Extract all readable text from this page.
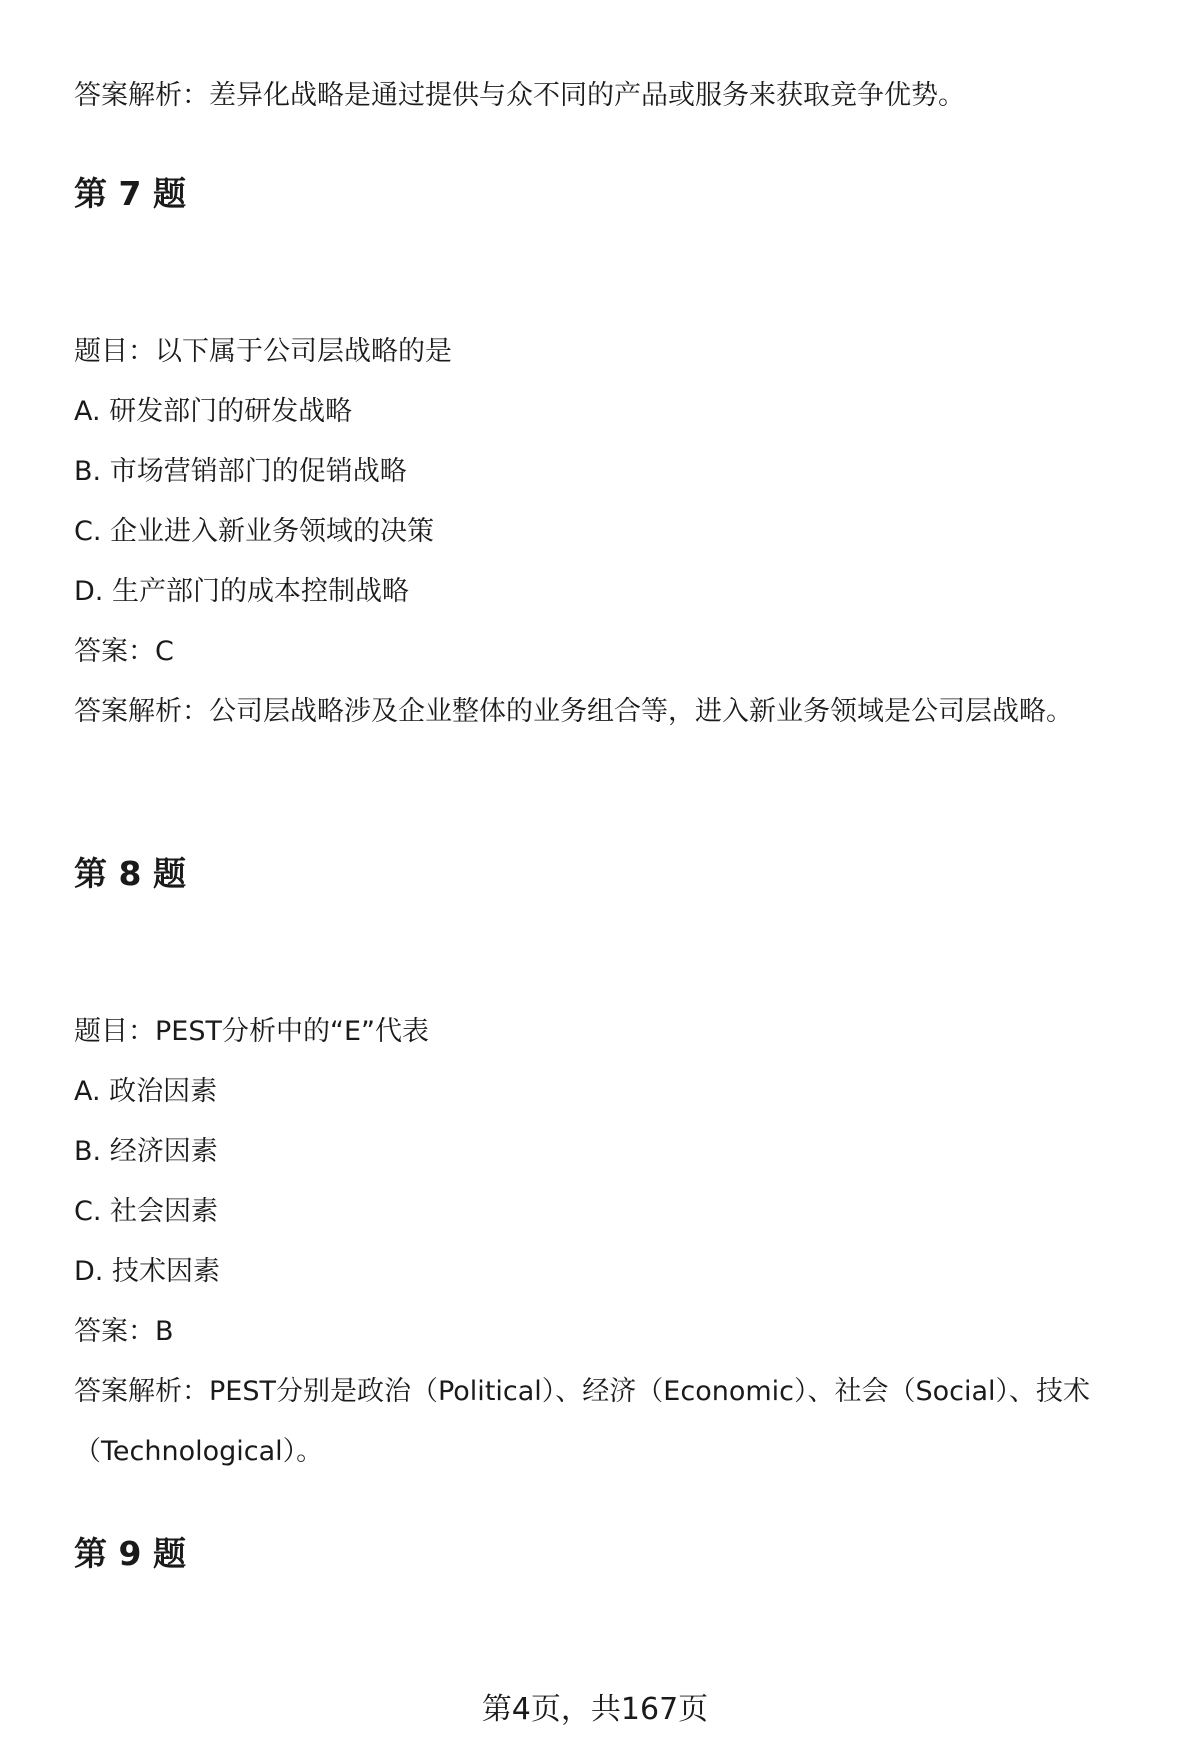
答案解析：差异化战略是通过提供与众不同的产品或服务来获取竞争优势。
第 7 题
题目：以下属于公司层战略的是
A. 研发部门的研发战略
B. 市场营销部门的促销战略
C. 企业进入新业务领域的决策
D. 生产部门的成本控制战略
答案：C
答案解析：公司层战略涉及企业整体的业务组合等，进入新业务领域是公司层战略。
第 8 题
题目：PEST分析中的“E”代表
A. 政治因素
B. 经济因素
C. 社会因素
D. 技术因素
答案：B
答案解析：PEST分别是政治（Political）、经济（Economic）、社会（Social）、技术（Technological）。
第 9 题
第4页，共167页
